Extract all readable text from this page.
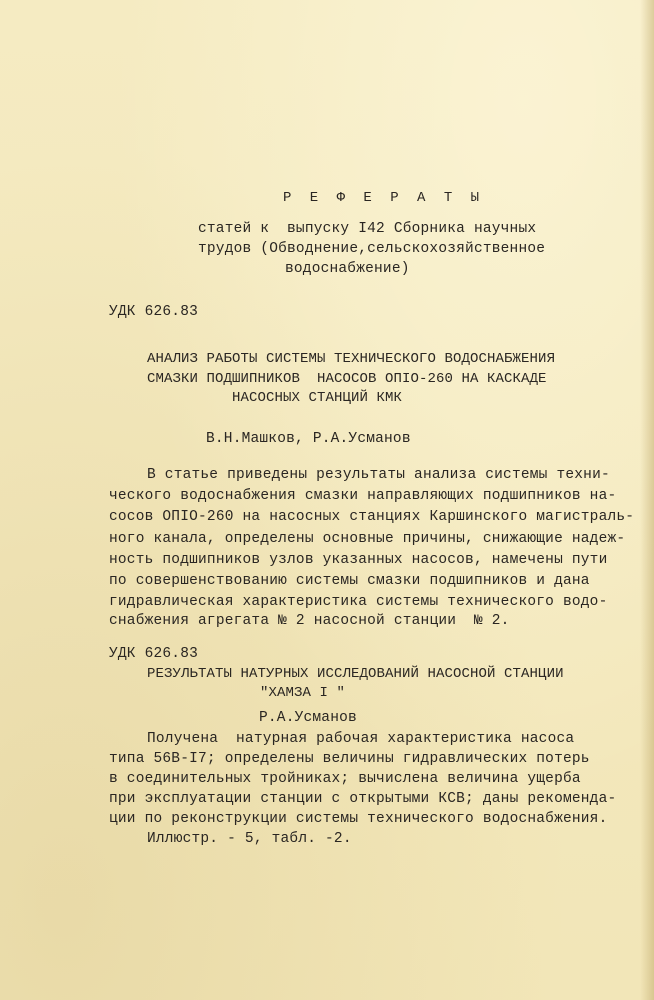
Р Е Ф Е Р А Т Ы
статей к  выпуску I42 Сборника научных
трудов (Обводнение,сельскохозяйственное
водоснабжение)
УДК 626.83
АНАЛИЗ РАБОТЫ СИСТЕМЫ ТЕХНИЧЕСКОГО ВОДОСНАБЖЕНИЯ
СМАЗКИ ПОДШИПНИКОВ  НАСОСОВ ОПIO-260 НА КАСКАДЕ
НАСОСНЫХ СТАНЦИЙ КМК
В.Н.Машков, Р.А.Усманов
В статье приведены результаты анализа системы техни-
ческого водоснабжения смазки направляющих подшипников на-
сосов ОПIO-260 на насосных станциях Каршинского магистраль-
ного канала, определены основные причины, снижающие надеж-
ность подшипников узлов указанных насосов, намечены пути
по совершенствованию системы смазки подшипников и дана
гидравлическая характеристика системы технического водо-
снабжения агрегата № 2 насосной станции  № 2.
УДК 626.83
РЕЗУЛЬТАТЫ НАТУРНЫХ ИССЛЕДОВАНИЙ НАСОСНОЙ СТАНЦИИ
"ХАМЗА I "
Р.А.Усманов
Получена  натурная рабочая характеристика насоса
типа 56В-I7; определены величины гидравлических потерь
в соединительных тройниках; вычислена величина ущерба
при эксплуатации станции с открытыми КСВ; даны рекоменда-
ции по реконструкции системы технического водоснабжения.
Иллюстр. - 5, табл. -2.
